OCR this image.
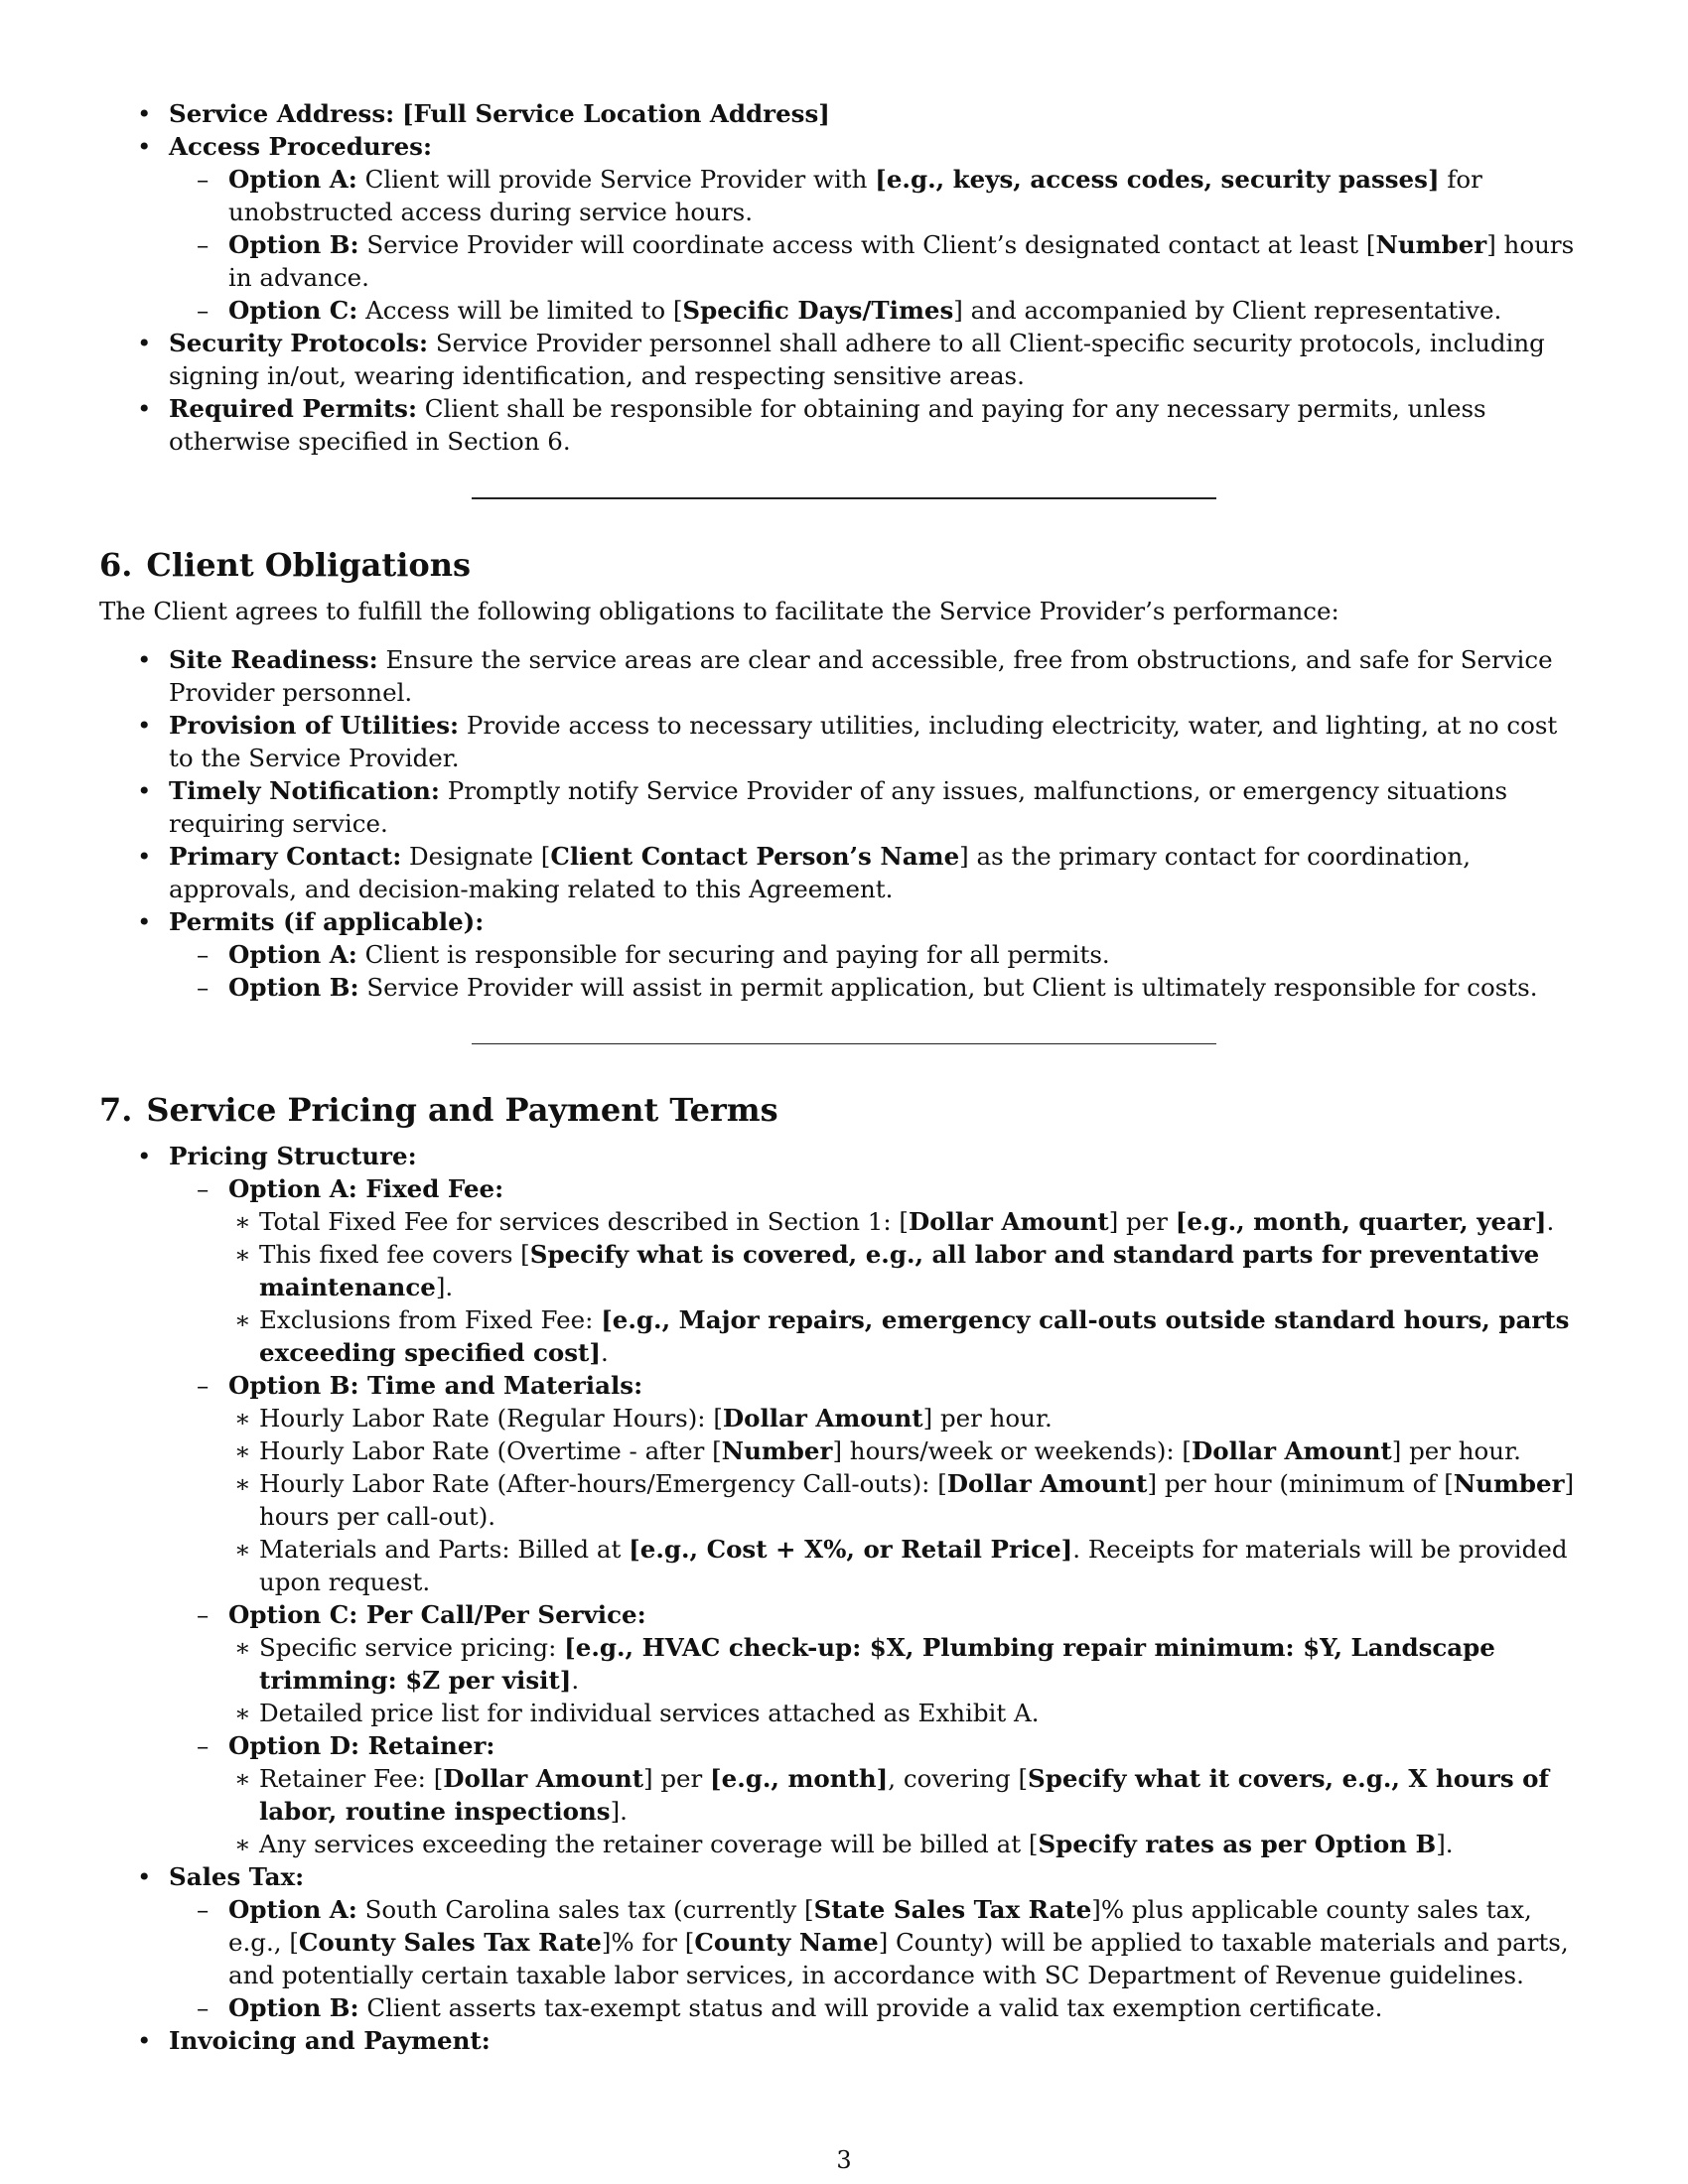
• Service Address: [Full Service Location Address]
• Access Procedures:
– Option A: Client will provide Service Provider with [e.g., keys, access codes, security passes] for unobstructed access during service hours.
– Option B: Service Provider will coordinate access with Client’s designated contact at least [Number] hours in advance.
– Option C: Access will be limited to [Specific Days/Times] and accompanied by Client representative.
• Security Protocols: Service Provider personnel shall adhere to all Client-specific security protocols, including signing in/out, wearing identification, and respecting sensitive areas.
• Required Permits: Client shall be responsible for obtaining and paying for any necessary permits, unless otherwise specified in Section 6.
6. Client Obligations

The Client agrees to fulfill the following obligations to facilitate the Service Provider’s performance:

• Site Readiness: Ensure the service areas are clear and accessible, free from obstructions, and safe for Service Provider personnel.
• Provision of Utilities: Provide access to necessary utilities, including electricity, water, and lighting, at no cost to the Service Provider.
• Timely Notification: Promptly notify Service Provider of any issues, malfunctions, or emergency situations requiring service.
• Primary Contact: Designate [Client Contact Person’s Name] as the primary contact for coordination, approvals, and decision-making related to this Agreement.
• Permits (if applicable):
– Option A: Client is responsible for securing and paying for all permits.
– Option B: Service Provider will assist in permit application, but Client is ultimately responsible for costs.
7. Service Pricing and Payment Terms
• Pricing Structure:
– Option A: Fixed Fee:
∗ Total Fixed Fee for services described in Section 1: [Dollar Amount] per [e.g., month, quarter, year].
∗ This fixed fee covers [Specify what is covered, e.g., all labor and standard parts for preventative maintenance].
∗ Exclusions from Fixed Fee: [e.g., Major repairs, emergency call-outs outside standard hours, parts exceeding specified cost].
– Option B: Time and Materials:
∗ Hourly Labor Rate (Regular Hours): [Dollar Amount] per hour.
∗ Hourly Labor Rate (Overtime - after [Number] hours/week or weekends): [Dollar Amount] per hour.
∗ Hourly Labor Rate (After-hours/Emergency Call-outs): [Dollar Amount] per hour (minimum of [Number] hours per call-out).
∗ Materials and Parts: Billed at [e.g., Cost + X%, or Retail Price]. Receipts for materials will be provided upon request.
– Option C: Per Call/Per Service:
∗ Specific service pricing: [e.g., HVAC check-up: $X, Plumbing repair minimum: $Y, Landscape trimming: $Z per visit].
∗ Detailed price list for individual services attached as Exhibit A.
– Option D: Retainer:
∗ Retainer Fee: [Dollar Amount] per [e.g., month], covering [Specify what it covers, e.g., X hours of labor, routine inspections].
∗ Any services exceeding the retainer coverage will be billed at [Specify rates as per Option B].
• Sales Tax:
– Option A: South Carolina sales tax (currently [State Sales Tax Rate]% plus applicable county sales tax, e.g., [County Sales Tax Rate]% for [County Name] County) will be applied to taxable materials and parts, and potentially certain taxable labor services, in accordance with SC Department of Revenue guidelines.
– Option B: Client asserts tax-exempt status and will provide a valid tax exemption certificate.
• Invoicing and Payment:
3
